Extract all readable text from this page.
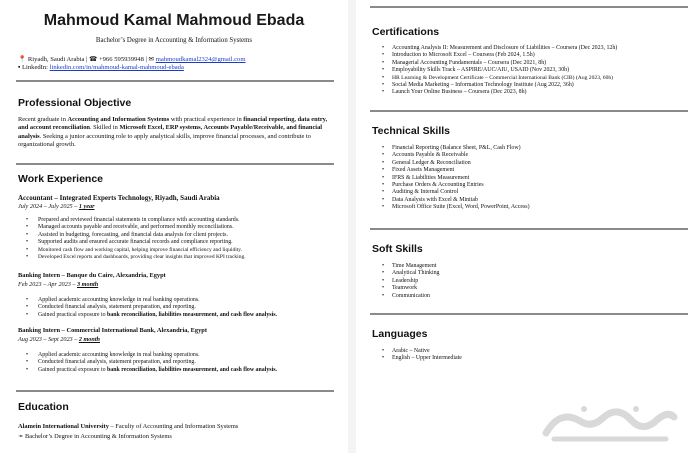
Mahmoud Kamal Mahmoud Ebada
Bachelor’s Degree in Accounting & Information Systems
📍 Riyadh, Saudi Arabia | ☎ +966 595939948 | ✉ mahmoudkamal2324@gmail.com
▪ LinkedIn: linkedin.com/in/mahmoud-kamal-mahmoud-ebada
Professional Objective
Recent graduate in Accounting and Information Systems with practical experience in financial reporting, data entry, and account reconciliation. Skilled in Microsoft Excel, ERP systems, Accounts Payable/Receivable, and financial analysis. Seeking a junior accounting role to apply analytical skills, improve financial processes, and contribute to organizational growth.
Work Experience
Accountant – Integrated Experts Technology, Riyadh, Saudi Arabia
July 2024 – July 2025 – 1 year
• Prepared and reviewed financial statements in compliance with accounting standards.
• Managed accounts payable and receivable, and performed monthly reconciliations.
• Assisted in budgeting, forecasting, and financial data analysis for client projects.
• Supported audits and ensured accurate financial records and compliance reporting.
• Monitored cash flow and working capital, helping improve financial efficiency and liquidity.
• Developed Excel reports and dashboards, providing clear insights that improved KPI tracking.
Banking Intern – Banque du Caire, Alexandria, Egypt
Feb 2023 – Apr 2023 – 3 month
• Applied academic accounting knowledge in real banking operations.
• Conducted financial analysis, statement preparation, and reporting.
• Gained practical exposure to bank reconciliation, liabilities measurement, and cash flow analysis.
Banking Intern – Commercial International Bank, Alexandria, Egypt
Aug 2023 – Sept 2023 – 2 month
• Applied academic accounting knowledge in real banking operations.
• Conducted financial analysis, statement preparation, and reporting.
• Gained practical exposure to bank reconciliation, liabilities measurement, and cash flow analysis.
Education
Alamein International University – Faculty of Accounting and Information Systems
➛ Bachelor’s Degree in Accounting & Information Systems
Certifications
• Accounting Analysis II: Measurement and Disclosure of Liabilities – Coursera (Dec 2023, 12h)
• Introduction to Microsoft Excel – Coursera (Feb 2024, 1.5h)
• Managerial Accounting Fundamentals – Coursera (Dec 2021, 8h)
• Employability Skills Track – ASPIRE/AUC/AIU, USAID (Nov 2023, 30h)
• HR Learning & Development Certificate – Commercial International Bank (CIB) (Aug 2023, 60h)
• Social Media Marketing – Information Technology Institute (Aug 2022, 36h)
• Launch Your Online Business – Coursera (Dec 2023, 8h)
Technical Skills
• Financial Reporting (Balance Sheet, P&L, Cash Flow)
• Accounts Payable & Receivable
• General Ledger & Reconciliation
• Fixed Assets Management
• IFRS & Liabilities Measurement
• Purchase Orders & Accounting Entries
• Auditing & Internal Control
• Data Analysis with Excel & Minitab
• Microsoft Office Suite (Excel, Word, PowerPoint, Access)
Soft Skills
• Time Management
• Analytical Thinking
• Leadership
• Teamwork
• Communication
Languages
• Arabic – Native
• English – Upper Intermediate
